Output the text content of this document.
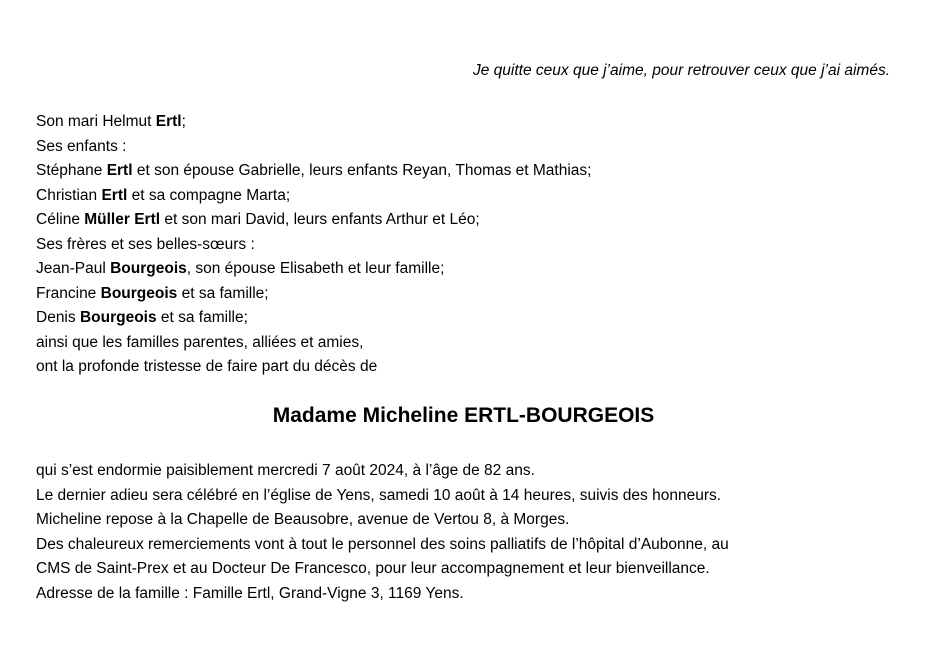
Je quitte ceux que j’aime, pour retrouver ceux que j’ai aimés.
Son mari Helmut Ertl;
Ses enfants :
Stéphane Ertl et son épouse Gabrielle, leurs enfants Reyan, Thomas et Mathias;
Christian Ertl et sa compagne Marta;
Céline Müller Ertl et son mari David, leurs enfants Arthur et Léo;
Ses frères et ses belles-sœurs :
Jean-Paul Bourgeois, son épouse Elisabeth et leur famille;
Francine Bourgeois et sa famille;
Denis Bourgeois et sa famille;
ainsi que les familles parentes, alliées et amies,
ont la profonde tristesse de faire part du décès de
Madame Micheline ERTL-BOURGEOIS
qui s’est endormie paisiblement mercredi 7 août 2024, à l’âge de 82 ans.
Le dernier adieu sera célébré en l’église de Yens, samedi 10 août à 14 heures, suivis des honneurs.
Micheline repose à la Chapelle de Beausobre, avenue de Vertou 8, à Morges.
Des chaleureux remerciements vont à tout le personnel des soins palliatifs de l’hôpital d’Aubonne, au
CMS de Saint-Prex et au Docteur De Francesco, pour leur accompagnement et leur bienveillance.
Adresse de la famille : Famille Ertl, Grand-Vigne 3, 1169 Yens.
